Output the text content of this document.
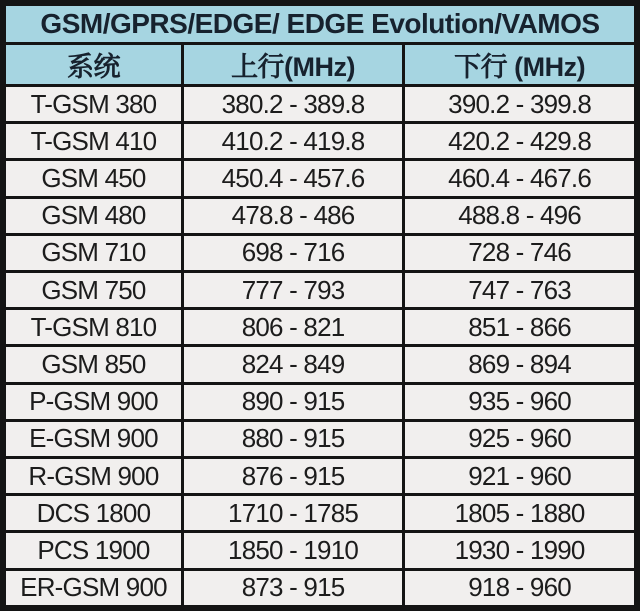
GSM/GPRS/EDGE/ EDGE Evolution/VAMOS		
系统	上行(MHz)	下行 (MHz)
T-GSM 380	380.2 - 389.8	390.2 - 399.8
T-GSM 410	410.2 - 419.8	420.2 - 429.8
GSM 450	450.4 - 457.6	460.4 - 467.6
GSM 480	478.8 - 486	488.8 - 496
GSM 710	698 - 716	728 - 746
GSM 750	777 - 793	747 - 763
T-GSM 810	806 - 821	851 - 866
GSM 850	824 - 849	869 - 894
P-GSM 900	890 - 915	935 - 960
E-GSM 900	880 - 915	925 - 960
R-GSM 900	876 - 915	921 - 960
DCS 1800	1710 - 1785	1805 - 1880
PCS 1900	1850 - 1910	1930 - 1990
ER-GSM 900	873 - 915	918 - 960
